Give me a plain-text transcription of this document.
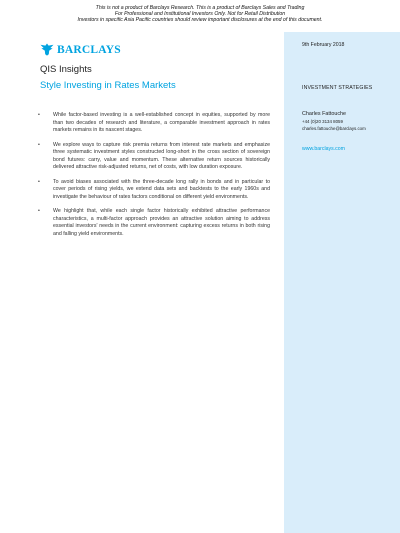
This is not a product of Barclays Research. This is a product of Barclays Sales and Trading
For Professional and Institutional Investors Only. Not for Retail Distribution
Investors in specific Asia Pacific countries should review important disclosures at the end of this document.
BARCLAYS
QIS Insights
Style Investing in Rates Markets
9th February 2018
INVESTMENT STRATEGIES
Charles Fattouche
+44 (0)20 3134 8059
charles.fattouche@barclays.com
www.barclays.com
•	While factor-based investing is a well-established concept in equities, supported by more than two decades of research and literature, a comparable investment approach in rates markets remains in its nascent stages.
•	We explore ways to capture risk premia returns from interest rate markets and emphasize three systematic investment styles constructed long-short in the cross section of sovereign bond futures: carry, value and momentum. These alternative return sources historically delivered attractive risk-adjusted returns, net of costs, with low duration exposure.
•	To avoid biases associated with the three-decade long rally in bonds and in particular to cover periods of rising yields, we extend data sets and backtests to the early 1960s and investigate the behaviour of rates factors conditional on different yield environments.
•	We highlight that, while each single factor historically exhibited attractive performance characteristics, a multi-factor approach provides an attractive solution aiming to address essential investors' needs in the current environment: capturing excess returns in both rising and falling yield environments.
